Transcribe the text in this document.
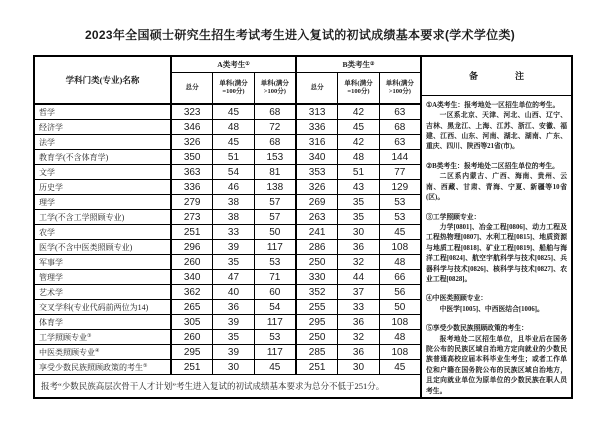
2023年全国硕士研究生招生考试考生进入复试的初试成绩基本要求(学术学位类)
学科门类(专业)名称
A类考生 ①
总分
单科(满分 =100分)
单科(满分 >100分)
B类考生 ②
总分
单科(满分 =100分)
单科(满分 >100分)
哲学	323	45	68	313	42	63
经济学	346	48	72	336	45	68
法学	326	45	68	316	42	63
教育学(不含体育学)	350	51	153	340	48	144
文学	363	54	81	353	51	77
历史学	336	46	138	326	43	129
理学	279	38	57	269	35	53
工学(不含工学照顾专业)	273	38	57	263	35	53
农学	251	33	50	241	30	45
医学(不含中医类照顾专业)	296	39	117	286	36	108
军事学	260	35	53	250	32	48
管理学	340	47	71	330	44	66
艺术学	362	40	60	352	37	56
交叉学科(专业代码前两位为14)	265	36	54	255	33	50
体育学	305	39	117	295	36	108
工学照顾专业 ③	260	35	53	250	32	48
中医类照顾专业 ④	295	39	117	285	36	108
享受少数民族照顾政策的考生 ⑤	251	30	45	251	30	45
报考“少数民族高层次骨干人才计划”考生进入复试的初试成绩基本要求为总分不低于251分。
备　注

①A类考生：报考地处一区招生单位的考生。

一区系北京、天津、河北、山西、辽宁、吉林、黑龙江、上海、江苏、浙江、安徽、福建、江西、山东、河南、湖北、湖南、广东、重庆、四川、陕西等21省(市)。

②B类考生：报考地处二区招生单位的考生。

二区系内蒙古、广西、海南、贵州、云南、西藏、甘肃、青海、宁夏、新疆等10省(区)。

③工学照顾专业：

力学[0801]、冶金工程[0806]、动力工程及工程热物理[0807]、水利工程[0815]、地质资源与地质工程[0818]、矿业工程[0819]、船舶与海洋工程[0824]、航空宇航科学与技术[0825]、兵器科学与技术[0826]、核科学与技术[0827]、农业工程[0828]。

④中医类照顾专业：

中医学[1005]、中西医结合[1006]。

⑤享受少数民族照顾政策的考生：

报考地处二区招生单位，且毕业后在国务院公布的民族区域自治地方定向就业的少数民族普通高校应届本科毕业生考生；或者工作单位和户籍在国务院公布的民族区域自治地方，且定向就业单位为原单位的少数民族在职人员考生。
